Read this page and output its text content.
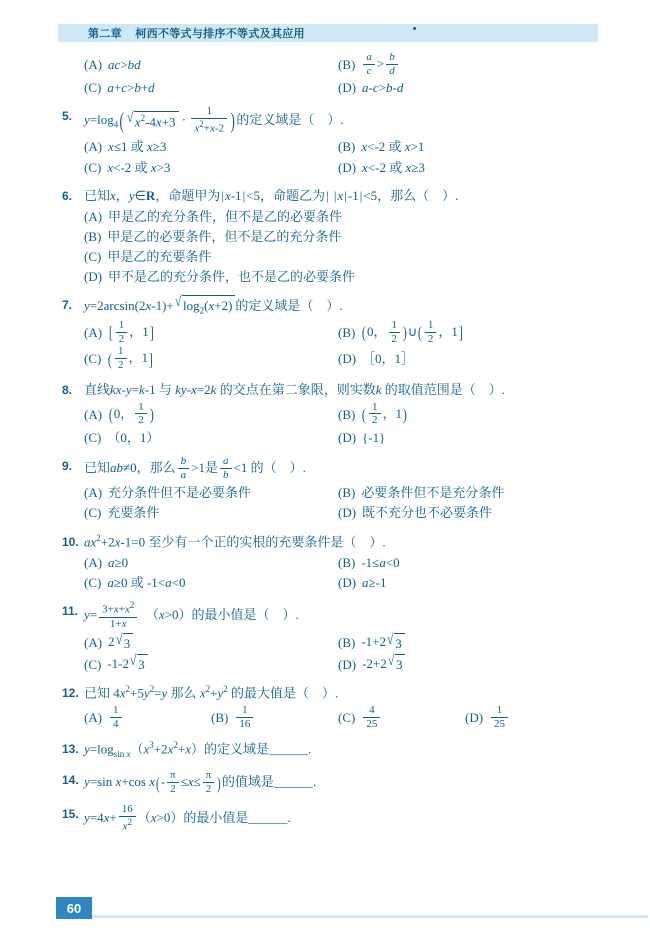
第二章 柯西不等式与排序不等式及其应用
(A) ac>bd	$(B) \frac{a}{c} > \frac{b}{d}$
(C) a+c>b+d	(D) a-c>b-d
5. $y=\log_4$( √ $x^2-4x+3 \cdot \frac{1}{x^2+x-2}$ )的定义域是（    ）.
(A) x≤1 或 x≥3	(B) x<-2 或 x>1
(C) x<-2 或 x>3	(D) x<-2 或 x≥3
6. 已知x，y∈R，命题甲为|x-1|<5，命题乙为| |x|-1|<5，那么（    ）.
(A) 甲是乙的充分条件，但不是乙的必要条件
(B) 甲是乙的必要条件，但不是乙的充分条件
(C) 甲是乙的充要条件
(D) 甲不是乙的充分条件，也不是乙的必要条件
7. y=2arcsin(2x-1)+ √ $\log_2(x+2)$ 的定义域是（    ）.
(A) [ $\frac{1}{2}$ ，1]	(B) (0， $\frac{1}{2}$ )∪( $\frac{1}{2}$ ，1]
(C) ( $\frac{1}{2}$ ，1]	(D) ［0，1］
8. 直线kx-y=k-1 与 ky-x=2k 的交点在第二象限，则实数k 的取值范围是（    ）.
(A) (0， $\frac{1}{2}$ )	(B) ( $\frac{1}{2}$ ，1)
(C) （0，1）	(D) {-1}
9. 已知ab≠0，那么 $\frac{b}{a} >1$是 $\frac{a}{b} <1$ 的（    ）.
(A) 充分条件但不是必要条件	(B) 必要条件但不是充分条件
(C) 充要条件	(D) 既不充分也不必要条件
10. $ax^2+2x-1=0$ 至少有一个正的实根的充要条件是（    ）.
(A) a≥0	(B) -1≤a<0
(C) a≥0 或 -1<a<0	(D) a≥-1
11. $y= \frac{3+x+x^2}{1+x} (x>0)$的最小值是（    ）.
(A) 2 √ 3	(B) -1+2 √ 3
(C) -1-2 √ 3	(D) -2+2 √ 3
12. 已知 $4x^2+5y^2=y$ 那么 $x^2+y^2$ 的最大值是（    ）.
$(A) \frac{1}{4}$	$(B) \frac{1}{16}$	$(C) \frac{4}{25}$	$(D) \frac{1}{25}$
13. $y=\log_{sin x}(x^3+2x^2+x)$的定义域是______.
14. y=sin x+cos $x(- \frac{\pi}{2} \le x\le \frac{\pi}{2}$ )的值域是______.
15. $y=4x+ \frac{16}{x^2} (x>0)$的最小值是______.
60
